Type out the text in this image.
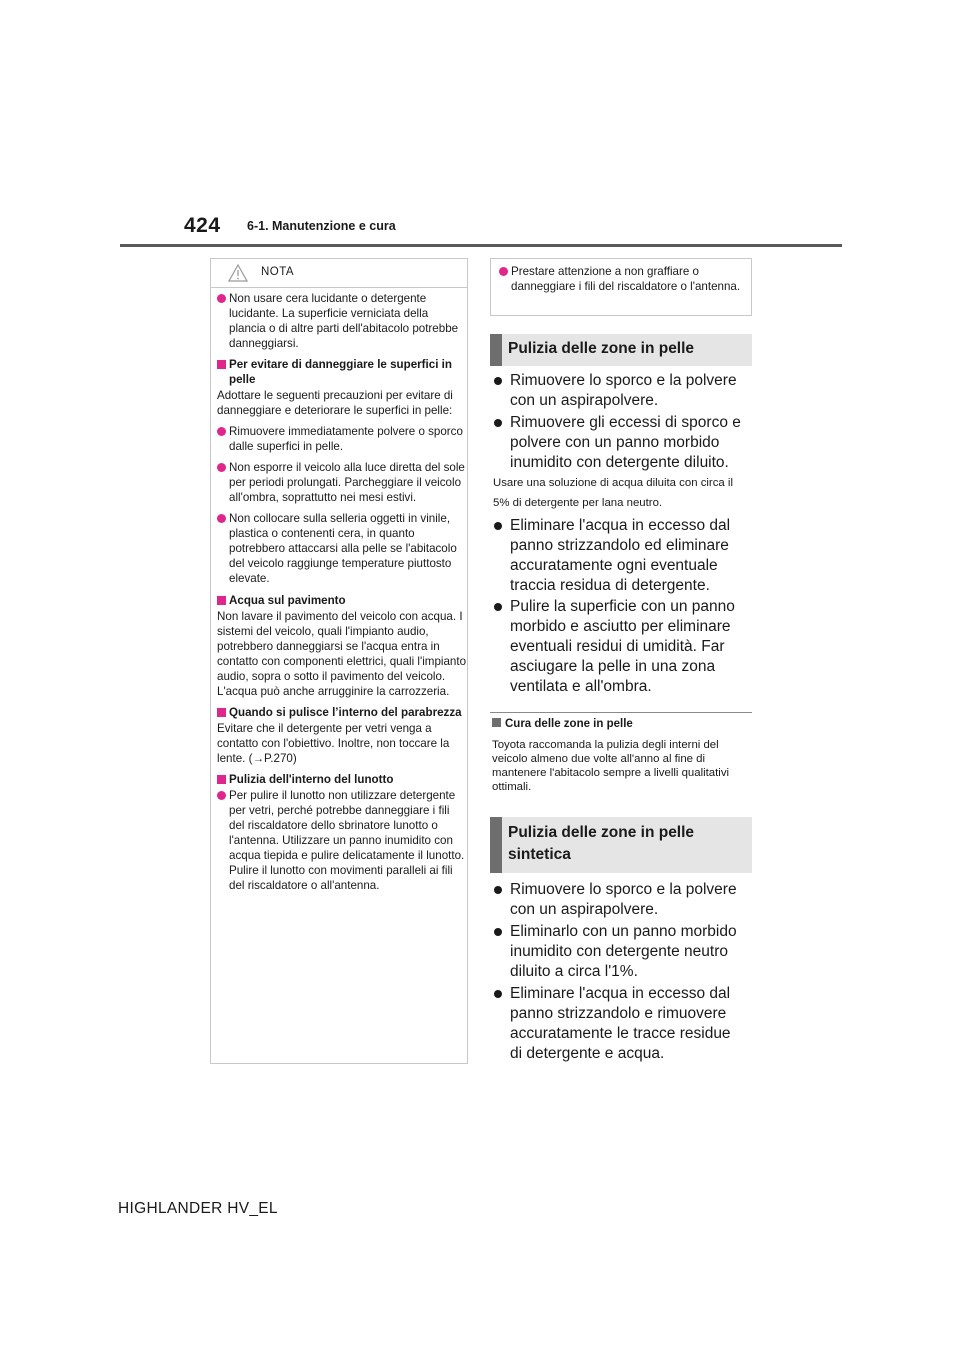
424 6-1. Manutenzione e cura
NOTA
Non usare cera lucidante o detergente lucidante. La superficie verniciata della plancia o di altre parti dell'abitacolo potrebbe danneggiarsi.
Per evitare di danneggiare le superfici in pelle
Adottare le seguenti precauzioni per evitare di danneggiare e deteriorare le superfici in pelle:
Rimuovere immediatamente polvere o sporco dalle superfici in pelle.
Non esporre il veicolo alla luce diretta del sole per periodi prolungati. Parcheggiare il veicolo all'ombra, soprattutto nei mesi estivi.
Non collocare sulla selleria oggetti in vinile, plastica o contenenti cera, in quanto potrebbero attaccarsi alla pelle se l'abitacolo del veicolo raggiunge temperature piuttosto elevate.
Acqua sul pavimento
Non lavare il pavimento del veicolo con acqua. I sistemi del veicolo, quali l'impianto audio, potrebbero danneggiarsi se l'acqua entra in contatto con componenti elettrici, quali l'impianto audio, sopra o sotto il pavimento del veicolo. L'acqua può anche arrugginire la carrozzeria.
Quando si pulisce l’interno del parabrezza
Evitare che il detergente per vetri venga a contatto con l'obiettivo. Inoltre, non toccare la lente. (→P.270)
Pulizia dell'interno del lunotto
Per pulire il lunotto non utilizzare detergente per vetri, perché potrebbe danneggiare i fili del riscaldatore dello sbrinatore lunotto o l'antenna. Utilizzare un panno inumidito con acqua tiepida e pulire delicatamente il lunotto. Pulire il lunotto con movimenti paralleli ai fili del riscaldatore o all'antenna.
Prestare attenzione a non graffiare o danneggiare i fili del riscaldatore o l'antenna.
Pulizia delle zone in pelle
Rimuovere lo sporco e la polvere con un aspirapolvere.
Rimuovere gli eccessi di sporco e polvere con un panno morbido inumidito con detergente diluito.
Usare una soluzione di acqua diluita con circa il 5% di detergente per lana neutro.
Eliminare l'acqua in eccesso dal panno strizzandolo ed eliminare accuratamente ogni eventuale traccia residua di detergente.
Pulire la superficie con un panno morbido e asciutto per eliminare eventuali residui di umidità. Far asciugare la pelle in una zona ventilata e all'ombra.
Cura delle zone in pelle
Toyota raccomanda la pulizia degli interni del veicolo almeno due volte all'anno al fine di mantenere l'abitacolo sempre a livelli qualitativi ottimali.
Pulizia delle zone in pelle sintetica
Rimuovere lo sporco e la polvere con un aspirapolvere.
Eliminarlo con un panno morbido inumidito con detergente neutro diluito a circa l'1%.
Eliminare l'acqua in eccesso dal panno strizzandolo e rimuovere accuratamente le tracce residue di detergente e acqua.
HIGHLANDER HV_EL
